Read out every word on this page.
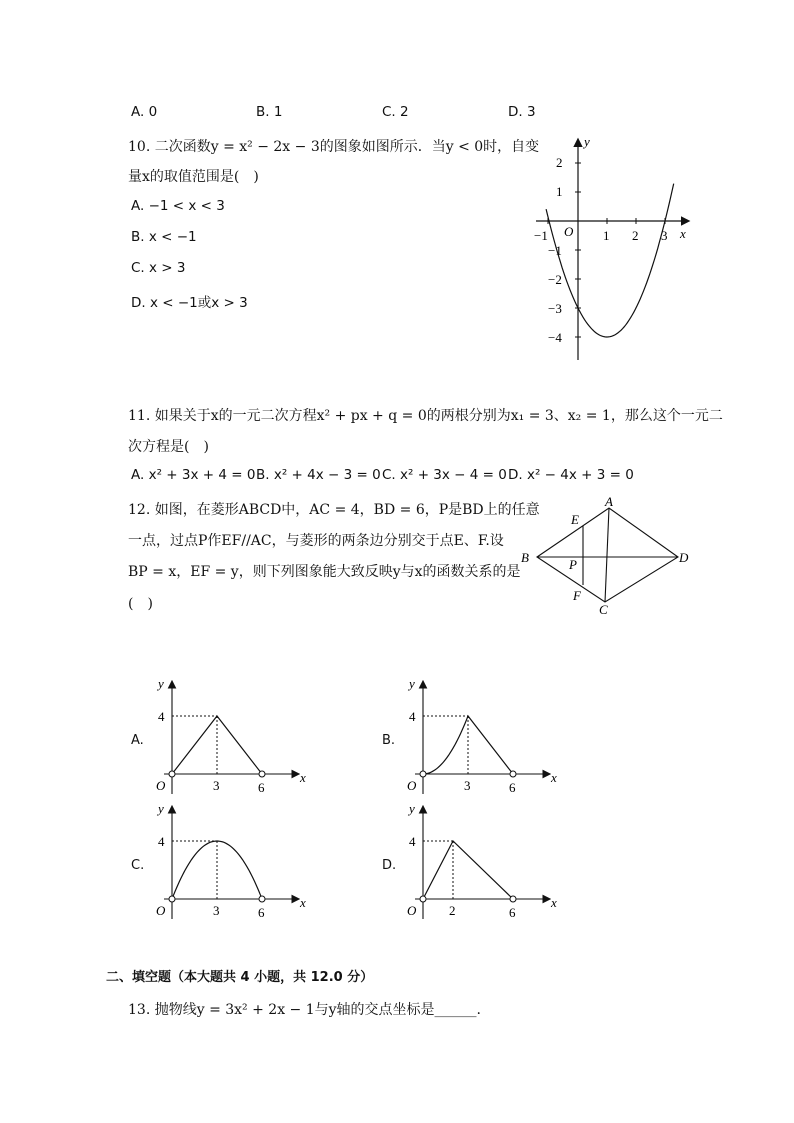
A. 0	B. 1	C. 2	D. 3
10. 二次函数y = x² − 2x − 3的图象如图所示．当y < 0时，自变
量x的取值范围是(　)
A. −1 < x < 3
B. x < −1
C. x > 3
D. x < −1或x > 3
y
x
O
−1	1 2 3
2
1
−1
−2
−3
−4
11. 如果关于x的一元二次方程x² + px + q = 0的两根分别为x₁ = 3、x₂ = 1，那么这个一元二
次方程是(　)
A. x² + 3x + 4 = 0 B. x² + 4x − 3 = 0 C. x² + 3x − 4 = 0 D. x² − 4x + 3 = 0
12. 如图，在菱形ABCD中，AC = 4，BD = 6，P是BD上的任意
一点，过点P作EF//AC，与菱形的两条边分别交于点E、F.设
BP = x，EF = y，则下列图象能大致反映y与x的函数关系的是
(　)
A
B
C
D
E
F
P
A.	B.
C.	D.
y
x
O
4
3	6
y
x
O
4
3	6
y
x
O
4
3	6
y
x
O
4
2	6
二、填空题（本大题共 4 小题，共 12.0 分）
13. 抛物线y = 3x² + 2x − 1与y轴的交点坐标是______.
